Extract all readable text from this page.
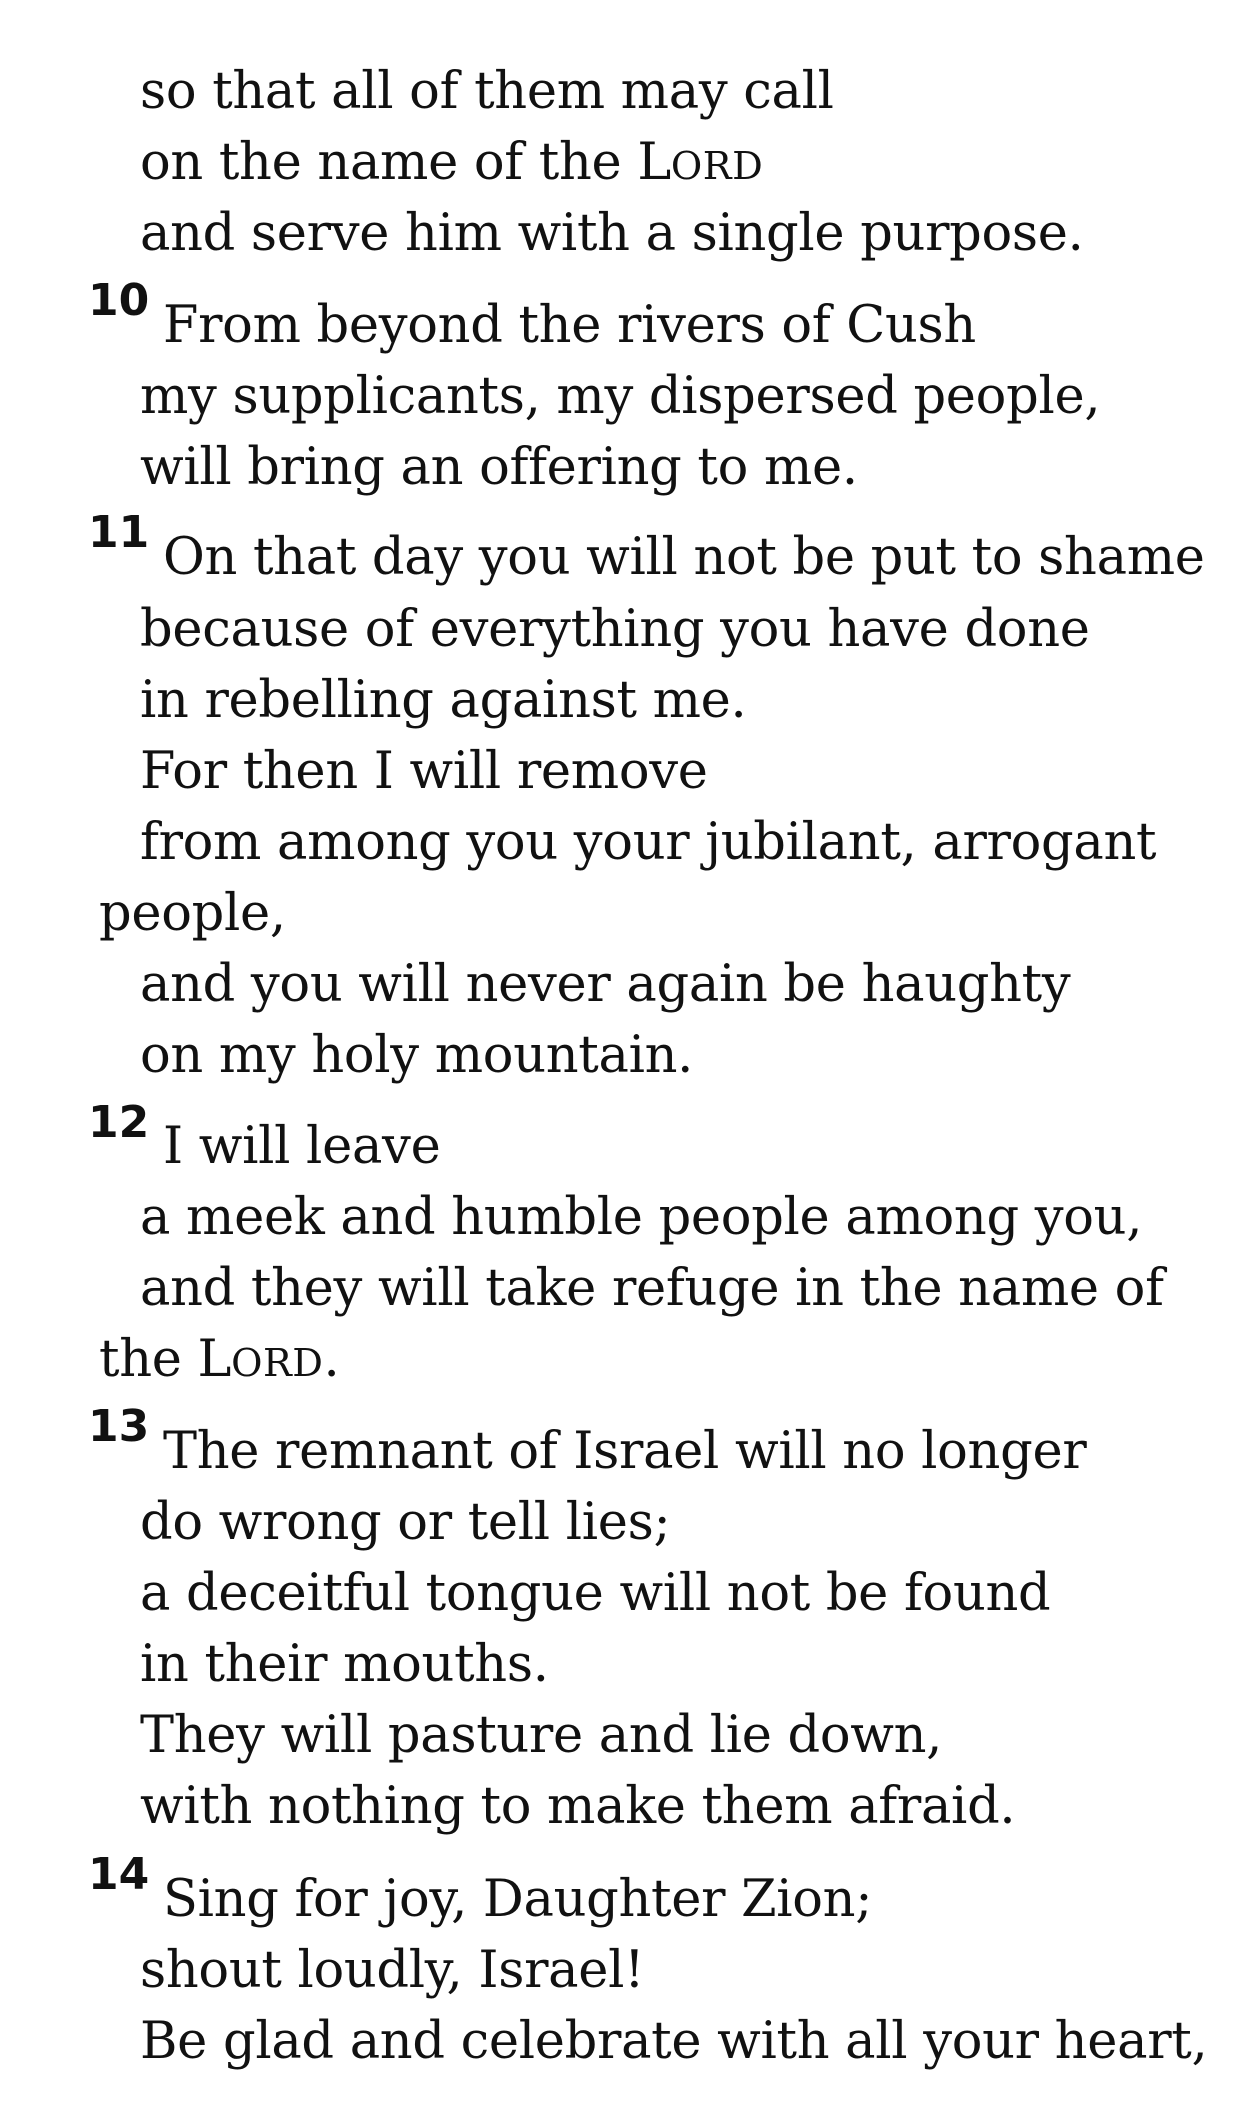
so that all of them may call
on the name of the LORD
and serve him with a single purpose.
10 From beyond the rivers of Cush
my supplicants, my dispersed people,
will bring an offering to me.
11 On that day you will not be put to shame
because of everything you have done
in rebelling against me.
For then I will remove
from among you your jubilant, arrogant
people,
and you will never again be haughty
on my holy mountain.
12 I will leave
a meek and humble people among you,
and they will take refuge in the name of
the LORD.
13 The remnant of Israel will no longer
do wrong or tell lies;
a deceitful tongue will not be found
in their mouths.
They will pasture and lie down,
with nothing to make them afraid.
14 Sing for joy, Daughter Zion;
shout loudly, Israel!
Be glad and celebrate with all your heart,
